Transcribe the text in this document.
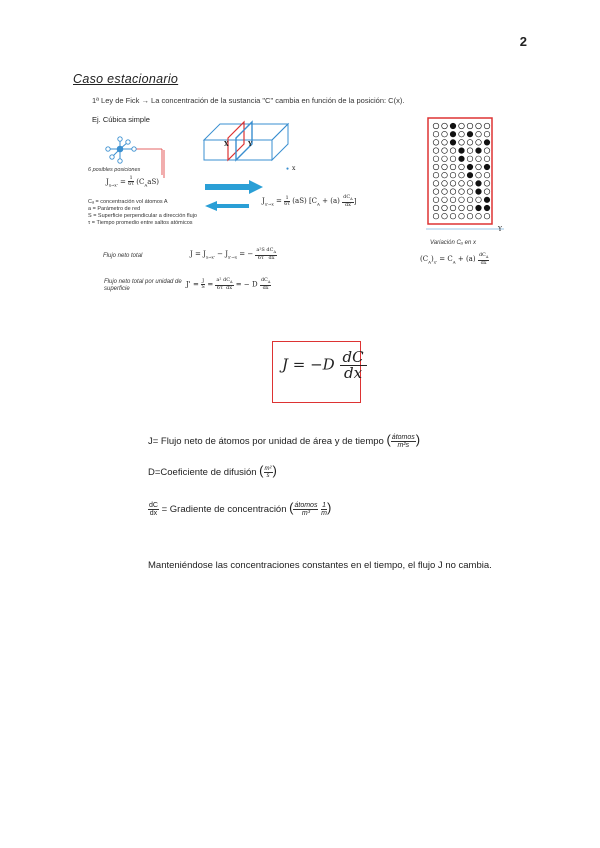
2
Caso estacionario
1ª Ley de Fick → La concentración de la sustancia "C" cambia en función de la posición: C(x).
Ej. Cúbica simple
6 posibles posiciones
X	Y
● x
$J_{x\to x'} = \frac{1}{6\tau} (C_AaS)$
$J_{x'\to x} = \frac{1}{6\tau} (aS) [C_A + (a) \frac{dC_A}{dx}$ ]
Cₐ = concentración vol átomos A
a = Parámetro de red
S = Superficie perpendicular a dirección flujo
τ = Tiempo promedio entre saltos atómicos
Flujo neto total	$J = J_{x\to x'} - J_{x'\to x}$ = − $\frac{a^2S dC_A}{\text{6τ   dx}}$
Flujo neto total por unidad de superficie
$J' = \frac{J}{S} = \frac{a^2 dC_A}{\text{6τ  dx}}$ = − D $\frac{dC_A}{dx}$
Y
Variación Cₐ en x
$(C_A)_{x'} = C_A + (a) \frac{dC_A}{dx}$
$J = -D \frac{dC}{dx}$
J= Flujo neto de átomos por unidad de área y de tiempo ( $\frac{\text{átomos}}{\text{m²s}}$ )
D=Coeficiente de difusión ( $\frac{\text{m²}}{s}$ )
$\frac{dC}{dx}$ = Gradiente de concentración ( $\frac{\text{átomos}}{\text{m³}}$
$\frac{1}{m}$ )
Manteniéndose las concentraciones constantes en el tiempo, el flujo J no cambia.
